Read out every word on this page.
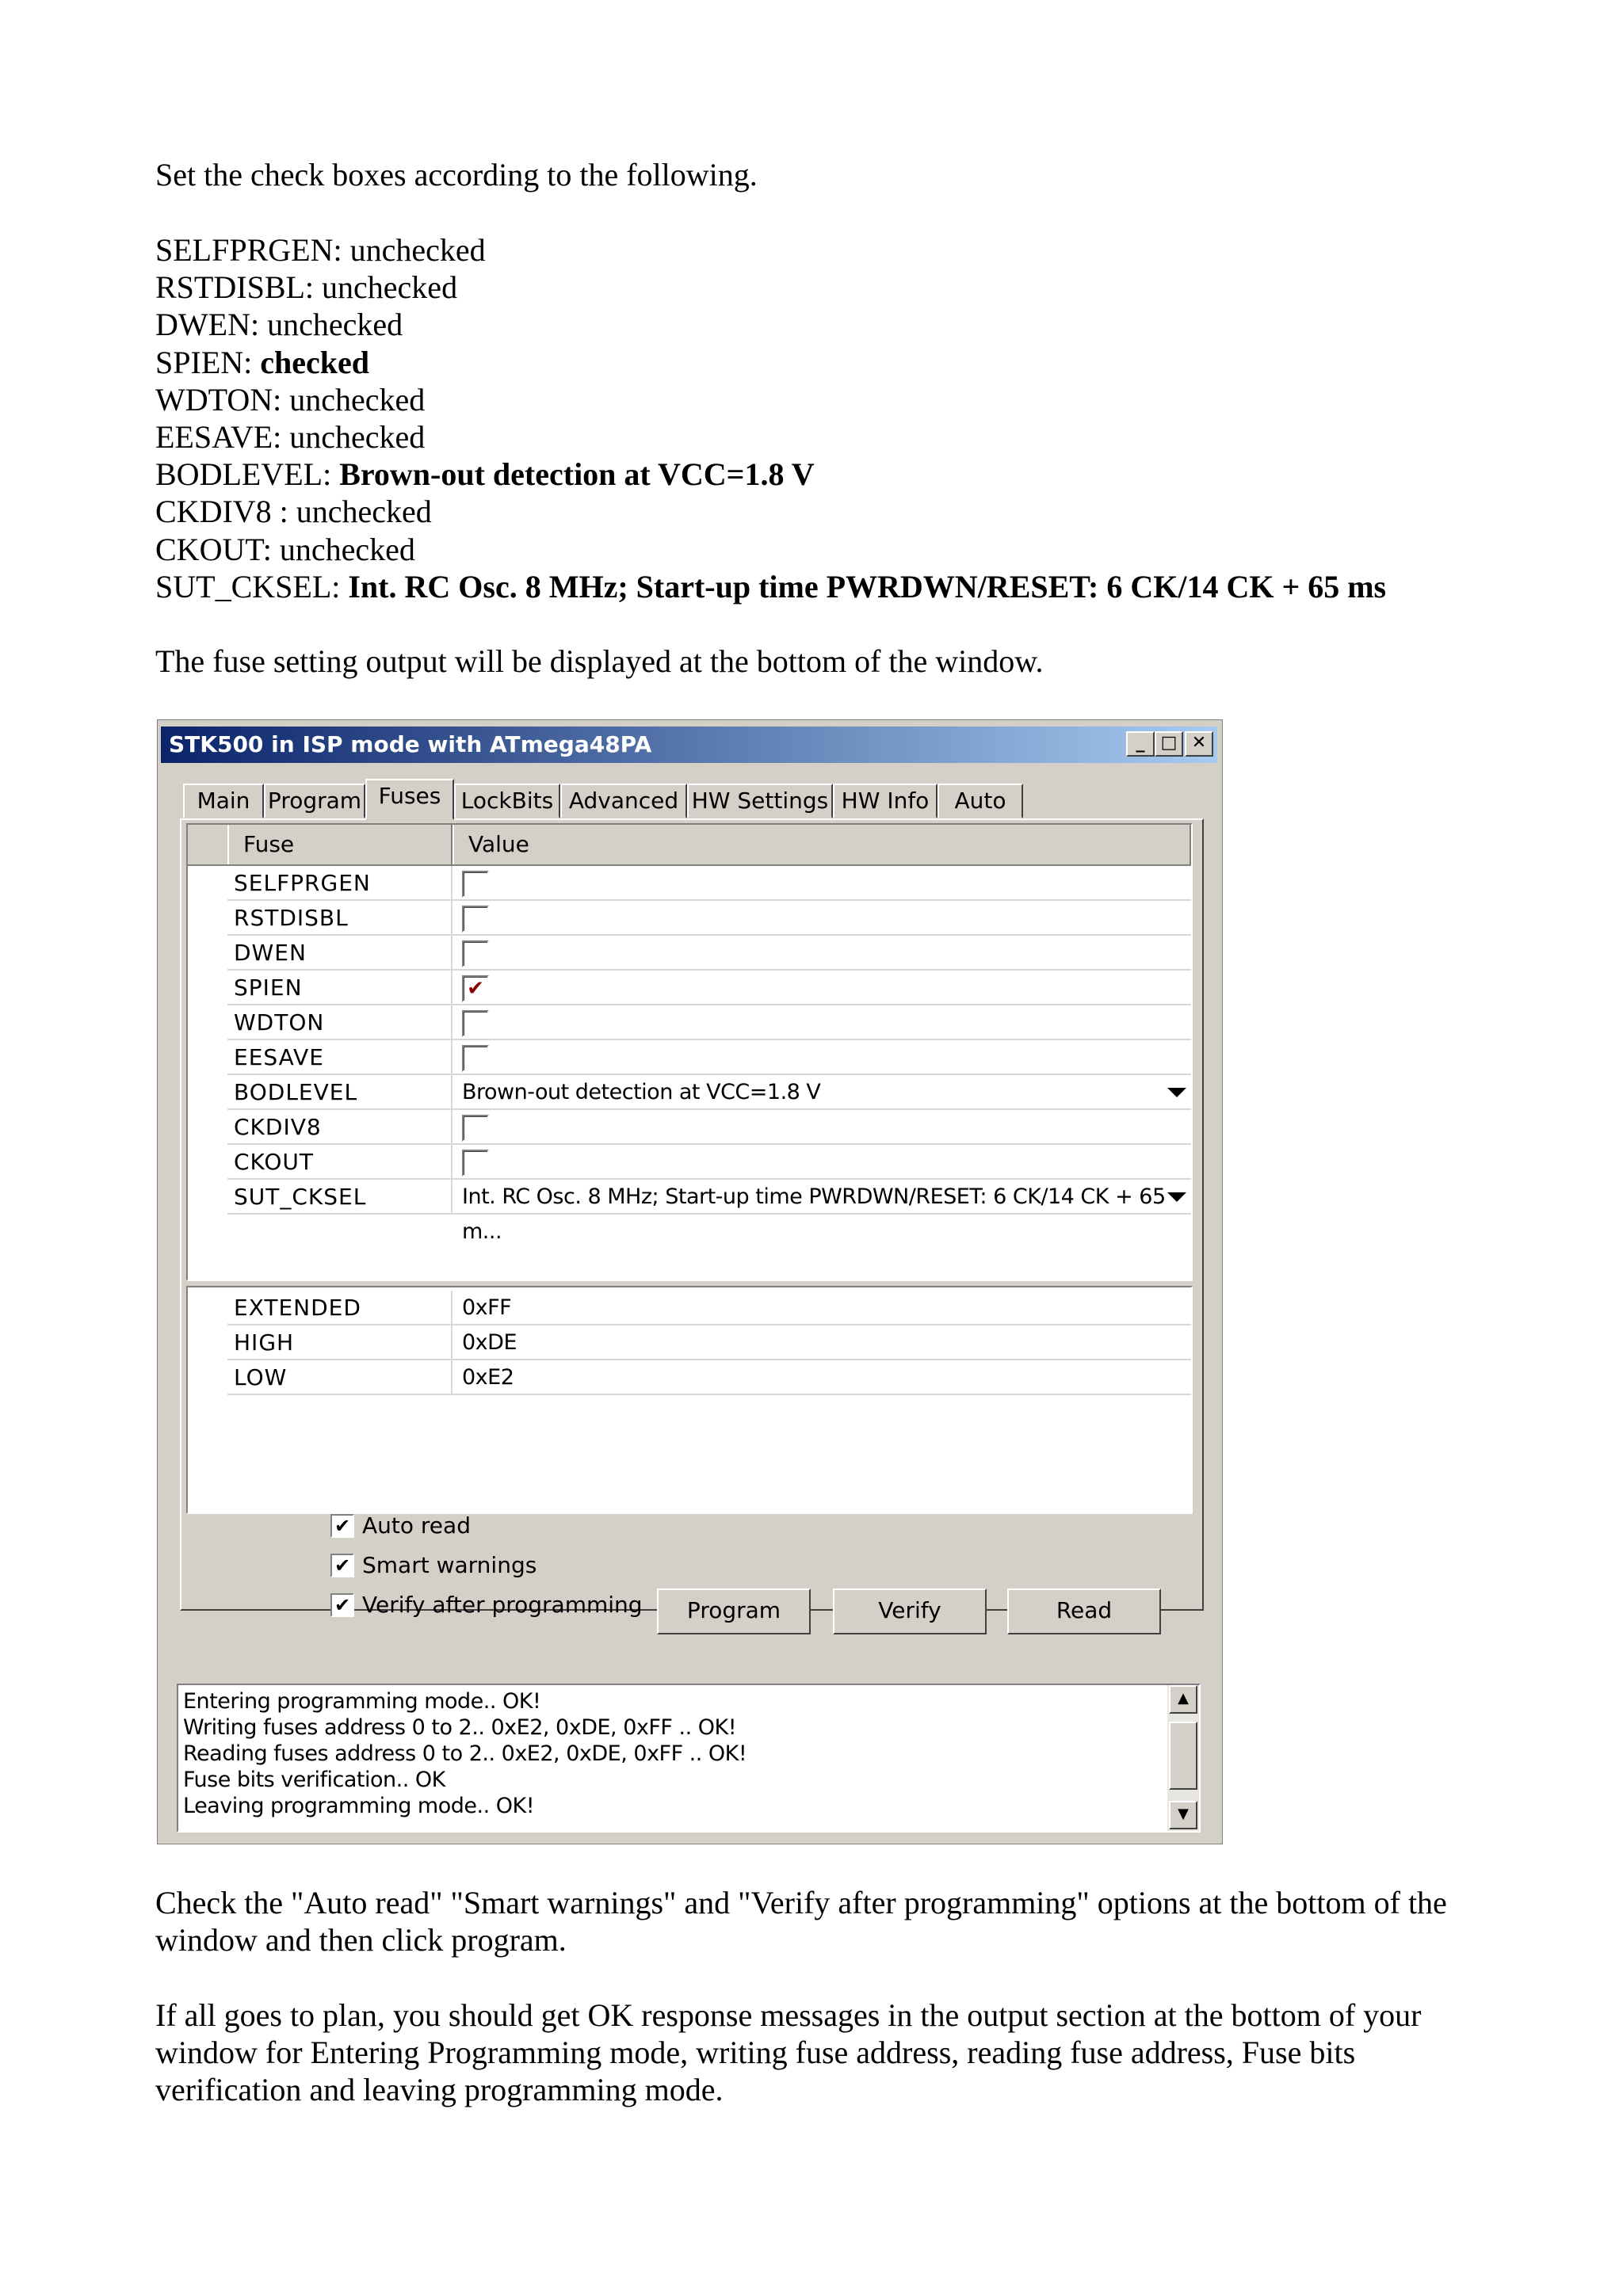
Set the check boxes according to the following.
SELFPRGEN: unchecked
RSTDISBL: unchecked
DWEN: unchecked
SPIEN: checked
WDTON: unchecked
EESAVE: unchecked
BODLEVEL: Brown-out detection at VCC=1.8 V
CKDIV8 : unchecked
CKOUT: unchecked
SUT_CKSEL: Int. RC Osc. 8 MHz; Start-up time PWRDWN/RESET: 6 CK/14 CK + 65 ms
The fuse setting output will be displayed at the bottom of the window.
STK500 in ISP mode with ATmega48PA	_ □ ✕
Main Program Fuses LockBits Advanced HW Settings HW Info	Auto
Fuse	Value
SELFPRGEN
RSTDISBL
DWEN
SPIEN	✔
WDTON
EESAVE
BODLEVEL	Brown-out detection at VCC=1.8 V
CKDIV8
CKOUT
SUT_CKSEL	Int. RC Osc. 8 MHz; Start-up time PWRDWN/RESET: 6 CK/14 CK + 65 m...
EXTENDED	0xFF
HIGH	0xDE
LOW	0xE2
✔ Auto read
✔ Smart warnings
✔ Verify after programming	Program	Verify	Read
Entering programming mode.. OK!
Writing fuses address 0 to 2.. 0xE2, 0xDE, 0xFF .. OK!
Reading fuses address 0 to 2.. 0xE2, 0xDE, 0xFF .. OK!
Fuse bits verification.. OK
Leaving programming mode.. OK!
▲
▼
Check the "Auto read" "Smart warnings" and "Verify after programming" options at the bottom of the window and then click program.
If all goes to plan, you should get OK response messages in the output section at the bottom of your window for Entering Programming mode, writing fuse address, reading fuse address, Fuse bits verification and leaving programming mode.
